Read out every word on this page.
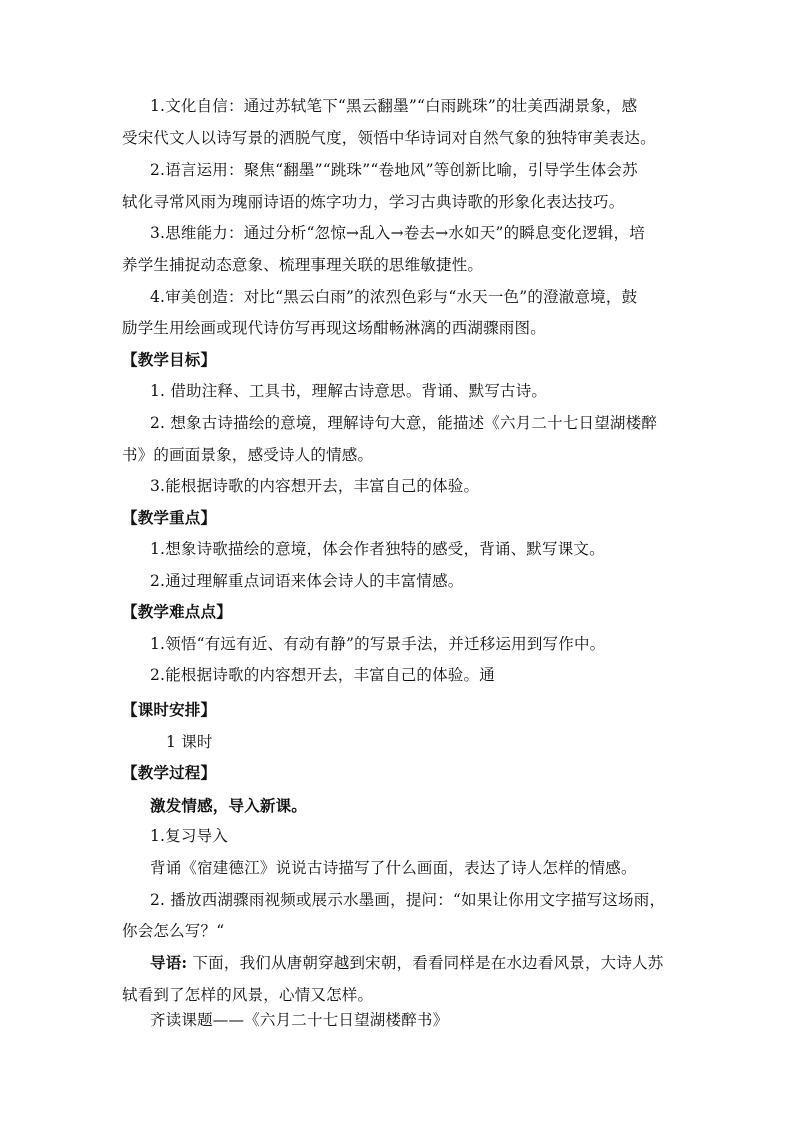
1.文化自信：通过苏轼笔下“黑云翻墨”“白雨跳珠”的壮美西湖景象，感
受宋代文人以诗写景的洒脱气度，领悟中华诗词对自然气象的独特审美表达。
2.语言运用：聚焦“翻墨”“跳珠”“卷地风”等创新比喻，引导学生体会苏
轼化寻常风雨为瑰丽诗语的炼字功力，学习古典诗歌的形象化表达技巧。
3.思维能力：通过分析“忽惊→乱入→卷去→水如天”的瞬息变化逻辑，培
养学生捕捉动态意象、梳理事理关联的思维敏捷性。
4.审美创造：对比“黑云白雨”的浓烈色彩与“水天一色”的澄澈意境，鼓
励学生用绘画或现代诗仿写再现这场酣畅淋漓的西湖骤雨图。
【教学目标】
1. 借助注释、工具书，理解古诗意思。背诵、默写古诗。
2. 想象古诗描绘的意境，理解诗句大意，能描述《六月二十七日望湖楼醉
书》的画面景象，感受诗人的情感。
3.能根据诗歌的内容想开去，丰富自己的体验。
【教学重点】
1.想象诗歌描绘的意境，体会作者独特的感受，背诵、默写课文。
2.通过理解重点词语来体会诗人的丰富情感。
【教学难点点】
1.领悟“有远有近、有动有静”的写景手法，并迁移运用到写作中。
2.能根据诗歌的内容想开去，丰富自己的体验。通
【课时安排】
1 课时
【教学过程】
激发情感，导入新课。
1.复习导入
背诵《宿建德江》说说古诗描写了什么画面，表达了诗人怎样的情感。
2. 播放西湖骤雨视频或展示水墨画，提问：“如果让你用文字描写这场雨，
你会怎么写？“
导语: 下面，我们从唐朝穿越到宋朝，看看同样是在水边看风景，大诗人苏
轼看到了怎样的风景，心情又怎样。
齐读课题——《六月二十七日望湖楼醉书》
